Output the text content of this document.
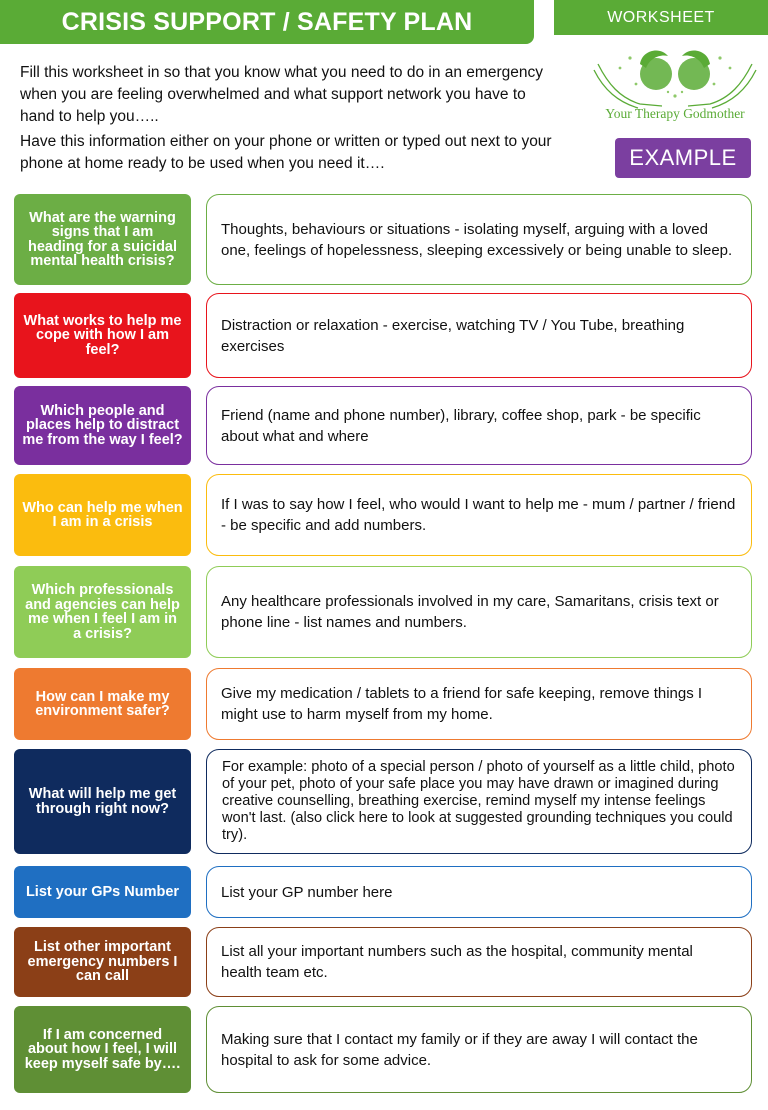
CRISIS SUPPORT / SAFETY PLAN	WORKSHEET
Fill this worksheet in so that you know what you need to do in an emergency when you are feeling overwhelmed and what support network you have to hand to help you…..
Have this information either on your phone or written or typed out next to your phone at home ready to be used when you need it….
Your Therapy Godmother
EXAMPLE
What are the warning signs that I am heading for a suicidal mental health crisis?
Thoughts, behaviours or situations - isolating myself, arguing with a loved one, feelings of hopelessness, sleeping excessively or being unable to sleep.
What works to help me cope with how I am feel?
Distraction or relaxation - exercise, watching TV / You Tube, breathing exercises
Which people and places help to distract me from the way I feel?
Friend (name and phone number), library, coffee shop, park - be specific about what and where
Who can help me when I am in a crisis
If I was to say how I feel, who would I want to help me - mum / partner / friend - be specific and add numbers.
Which professionals and agencies can help me when I feel I am in a crisis?
Any healthcare professionals involved in my care, Samaritans, crisis text or phone line - list names and numbers.
How can I make my environment safer?
Give my medication / tablets to a friend for safe keeping, remove things I might use to harm myself from my home.
What will help me get through right now?
For example: photo of a special person / photo of yourself as a little child, photo of your pet, photo of your safe place you may have drawn or imagined during creative counselling, breathing exercise, remind myself my intense feelings won't last. (also click here to look at suggested grounding techniques you could try).
List your GPs Number	List your GP number here
List other important emergency numbers I can call
List all your important numbers such as the hospital, community mental health team etc.
If I am concerned about how I feel, I will keep myself safe by….
Making sure that I contact my family or if they are away I will contact the hospital to ask for some advice.
